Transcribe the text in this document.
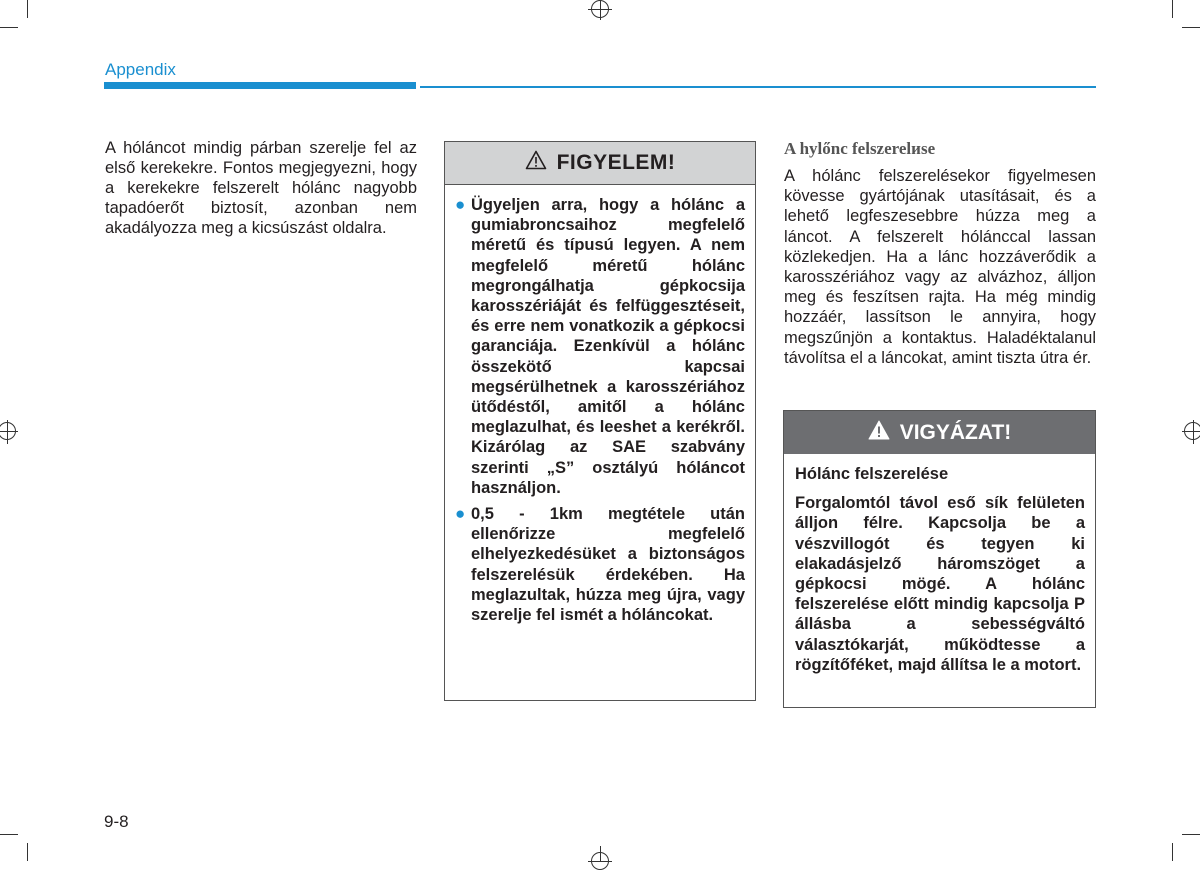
Appendix
A hóláncot mindig párban szerelje fel az első kerekekre. Fontos megjegyezni, hogy a kerekekre felszerelt hólánc nagyobb tapadóerőt biztosít, azonban nem akadályozza meg a kicsúszást oldalra.
FIGYELEM!
● Ügyeljen arra, hogy a hólánc a gumiabroncsaihoz megfelelő méretű és típusú legyen. A nem megfelelő méretű hólánc megrongálhatja gépkocsija karosszériáját és felfüggesztéseit, és erre nem vonatkozik a gépkocsi garanciája. Ezenkívül a hólánc összekötő kapcsai megsérülhetnek a karosszériához ütődéstől, amitől a hólánc meglazulhat, és leeshet a kerékről. Kizárólag az SAE szabvány szerinti „S” osztályú hóláncot használjon.
● 0,5 - 1km megtétele után ellenőrizze megfelelő elhelyezkedésüket a biztonságos felszerelésük érdekében. Ha meglazultak, húzza meg újra, vagy szerelje fel ismét a hóláncokat.
A hylőnc felszerelиse
A hólánc felszerelésekor figyelmesen kövesse gyártójának utasításait, és a lehető legfeszesebbre húzza meg a láncot. A felszerelt hólánccal lassan közlekedjen. Ha a lánc hozzáverődik a karosszériához vagy az alvázhoz, álljon meg és feszítsen rajta. Ha még mindig hozzáér, lassítson le annyira, hogy megszűnjön a kontaktus. Haladéktalanul távolítsa el a láncokat, amint tiszta útra ér.
VIGYÁZAT!
Hólánc felszerelése
Forgalomtól távol eső sík felületen álljon félre. Kapcsolja be a vészvillogót és tegyen ki elakadásjelző háromszöget a gépkocsi mögé. A hólánc felszerelése előtt mindig kapcsolja P állásba a sebességváltó választókarját, működtesse a rögzítőféket, majd állítsa le a motort.
9-8
